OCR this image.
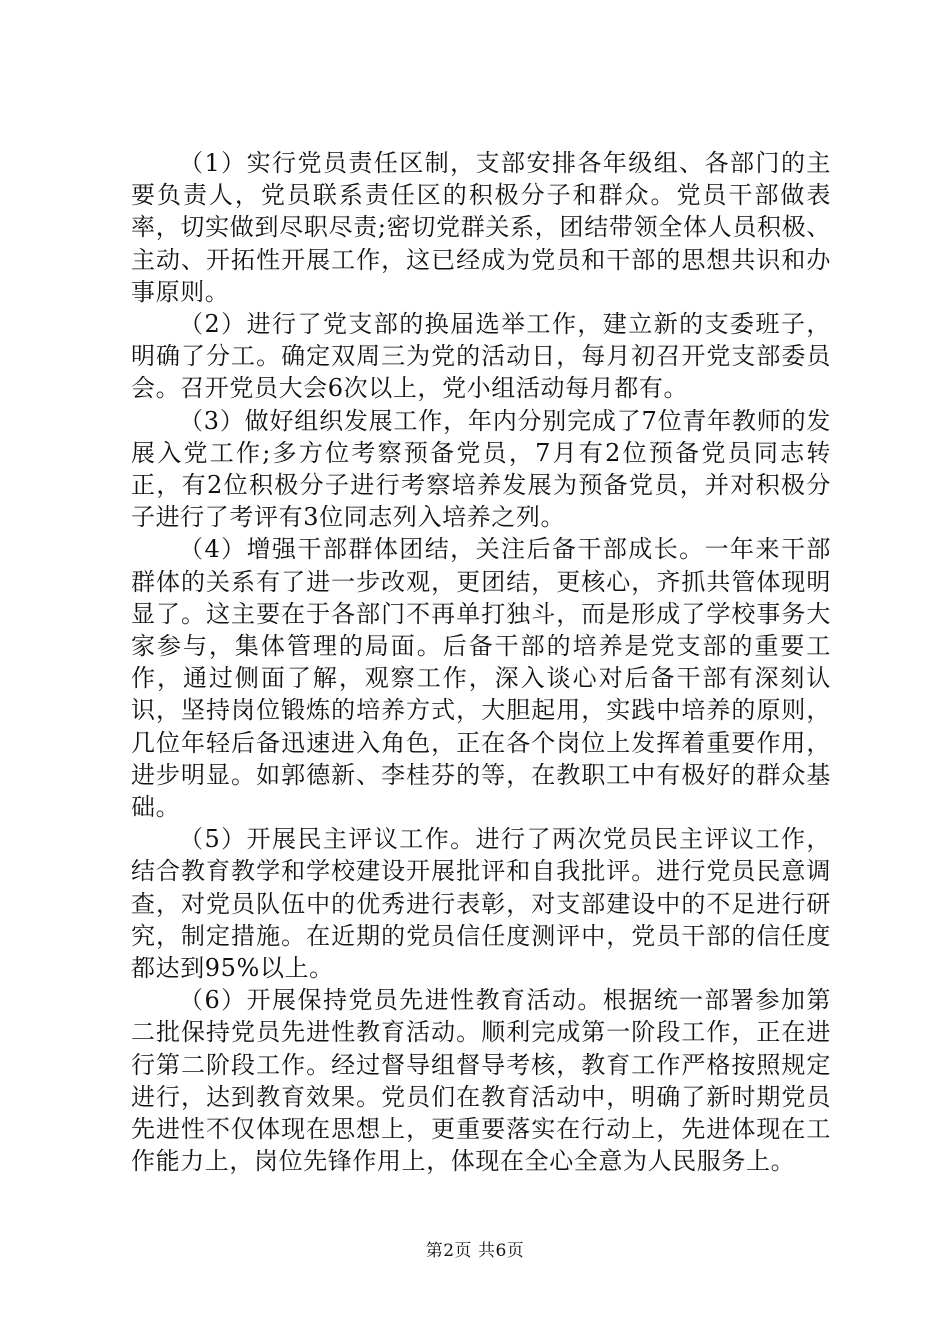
（1）实行党员责任区制，支部安排各年级组、各部门的主要负责人，党员联系责任区的积极分子和群众。党员干部做表率，切实做到尽职尽责;密切党群关系，团结带领全体人员积极、主动、开拓性开展工作，这已经成为党员和干部的思想共识和办事原则。

（2）进行了党支部的换届选举工作，建立新的支委班子，明确了分工。确定双周三为党的活动日，每月初召开党支部委员会。召开党员大会6次以上，党小组活动每月都有。

（3）做好组织发展工作，年内分别完成了7位青年教师的发展入党工作;多方位考察预备党员，7月有2位预备党员同志转正，有2位积极分子进行考察培养发展为预备党员，并对积极分子进行了考评有3位同志列入培养之列。

（4）增强干部群体团结，关注后备干部成长。一年来干部群体的关系有了进一步改观，更团结，更核心，齐抓共管体现明显了。这主要在于各部门不再单打独斗，而是形成了学校事务大家参与，集体管理的局面。后备干部的培养是党支部的重要工作，通过侧面了解，观察工作，深入谈心对后备干部有深刻认识，坚持岗位锻炼的培养方式，大胆起用，实践中培养的原则，几位年轻后备迅速进入角色，正在各个岗位上发挥着重要作用，进步明显。如郭德新、李桂芬的等，在教职工中有极好的群众基础。

（5）开展民主评议工作。进行了两次党员民主评议工作，结合教育教学和学校建设开展批评和自我批评。进行党员民意调查，对党员队伍中的优秀进行表彰，对支部建设中的不足进行研究，制定措施。在近期的党员信任度测评中，党员干部的信任度都达到95%以上。

（6）开展保持党员先进性教育活动。根据统一部署参加第二批保持党员先进性教育活动。顺利完成第一阶段工作，正在进行第二阶段工作。经过督导组督导考核，教育工作严格按照规定进行，达到教育效果。党员们在教育活动中，明确了新时期党员先进性不仅体现在思想上，更重要落实在行动上，先进体现在工作能力上，岗位先锋作用上，体现在全心全意为人民服务上。

第2页 共6页
